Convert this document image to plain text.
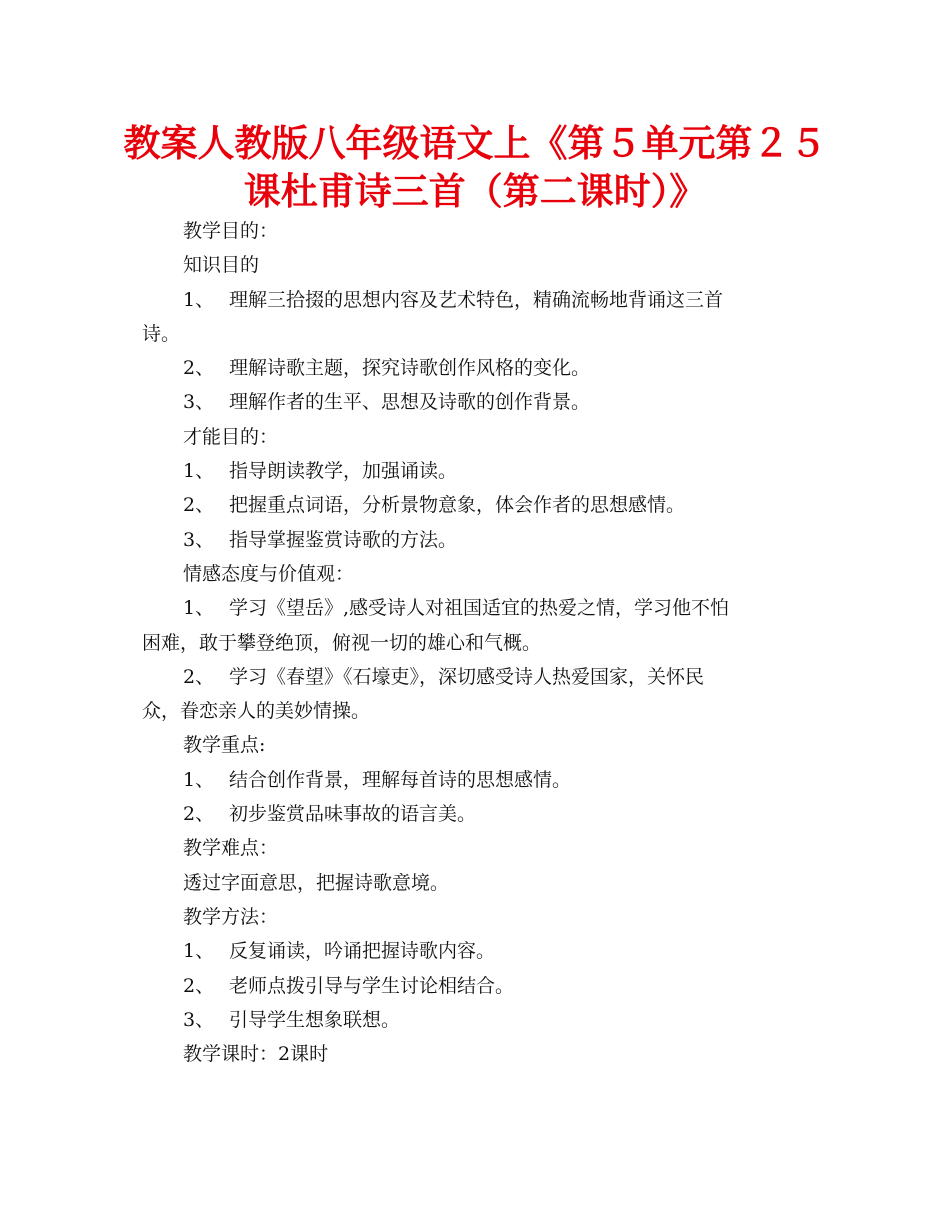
教案人教版八年级语文上《第５单元第２５
课杜甫诗三首（第二课时）》

教学目的：

知识目的

1、 理解三拾掇的思想内容及艺术特色，精确流畅地背诵这三首

诗。

2、 理解诗歌主题，探究诗歌创作风格的变化。

3、 理解作者的生平、思想及诗歌的创作背景。

才能目的：

1、 指导朗读教学，加强诵读。

2、 把握重点词语，分析景物意象，体会作者的思想感情。

3、 指导掌握鉴赏诗歌的方法。

情感态度与价值观：

1、 学习《望岳》,感受诗人对祖国适宜的热爱之情，学习他不怕

困难，敢于攀登绝顶，俯视一切的雄心和气概。

2、 学习《春望》《石壕吏》，深切感受诗人热爱国家，关怀民

众，眷恋亲人的美妙情操。

教学重点:

1、 结合创作背景，理解每首诗的思想感情。

2、 初步鉴赏品味事故的语言美。

教学难点：

透过字面意思，把握诗歌意境。

教学方法：

1、 反复诵读，吟诵把握诗歌内容。

2、 老师点拨引导与学生讨论相结合。

3、 引导学生想象联想。

教学课时：2课时
